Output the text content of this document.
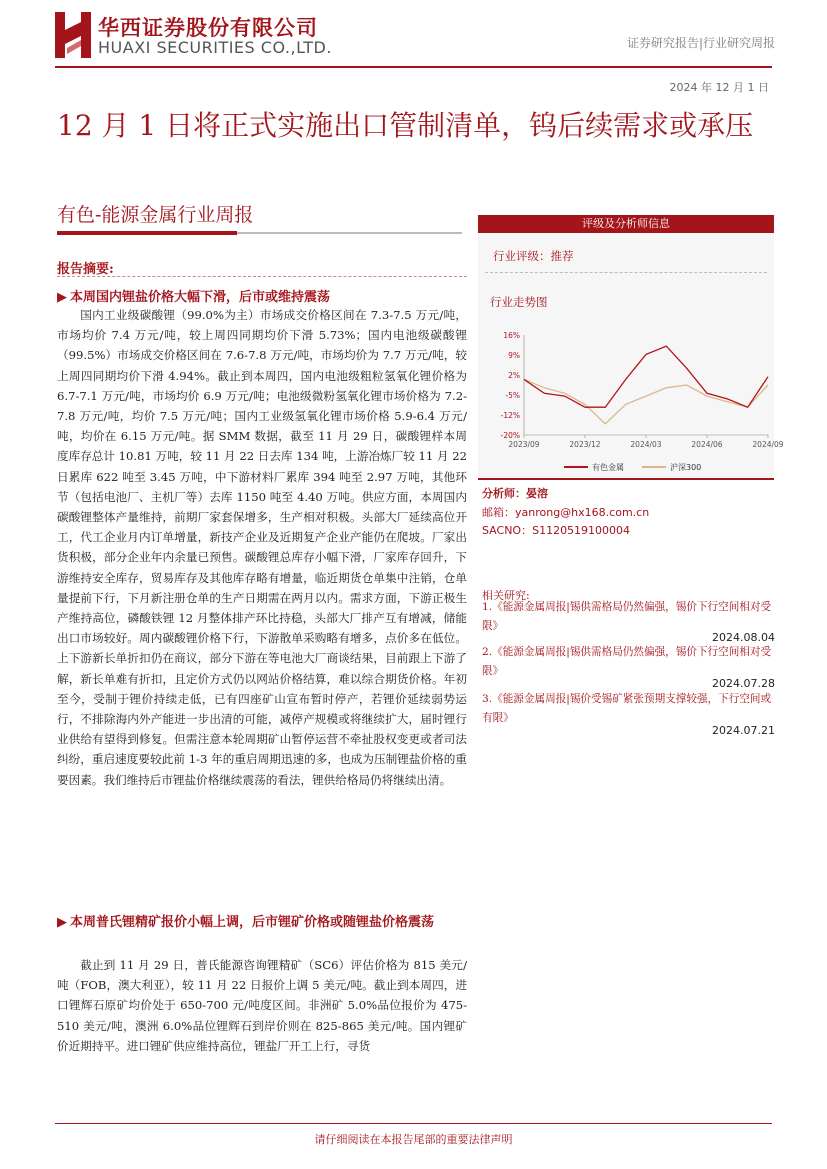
华西证券股份有限公司
HUAXI SECURITIES CO.,LTD.	证券研究报告|行业研究周报
2024 年 12 月 1 日
12 月 1 日将正式实施出口管制清单，钨后续需求或承压
有色-能源金属行业周报
报告摘要:
▶ 本周国内锂盐价格大幅下滑，后市或维持震荡
国内工业级碳酸锂（99.0%为主）市场成交价格区间在 7.3-7.5 万元/吨，市场均价 7.4 万元/吨，较上周四同期均价下滑 5.73%；国内电池级碳酸锂（99.5%）市场成交价格区间在 7.6-7.8 万元/吨，市场均价为 7.7 万元/吨，较上周四同期均价下滑 4.94%。截止到本周四，国内电池级粗粒氢氧化锂价格为 6.7-7.1 万元/吨，市场均价 6.9 万元/吨；电池级微粉氢氧化锂市场价格为 7.2-7.8 万元/吨，均价 7.5 万元/吨；国内工业级氢氧化锂市场价格 5.9-6.4 万元/吨，均价在 6.15 万元/吨。据 SMM 数据，截至 11 月 29 日，碳酸锂样本周度库存总计 10.81 万吨，较 11 月 22 日去库 134 吨，上游冶炼厂较 11 月 22 日累库 622 吨至 3.45 万吨，中下游材料厂累库 394 吨至 2.97 万吨，其他环节（包括电池厂、主机厂等）去库 1150 吨至 4.40 万吨。供应方面，本周国内碳酸锂整体产量维持，前期厂家套保增多，生产相对积极。头部大厂延续高位开工，代工企业月内订单增量，新技产企业及近期复产企业产能仍在爬坡。厂家出货积极，部分企业年内余量已预售。碳酸锂总库存小幅下滑，厂家库存回升，下游维持安全库存，贸易库存及其他库存略有增量，临近期货仓单集中注销，仓单量提前下行，下月新注册仓单的生产日期需在两月以内。需求方面，下游正极生产维持高位，磷酸铁锂 12 月整体排产环比持稳，头部大厂排产互有增减，储能出口市场较好。周内碳酸锂价格下行，下游散单采购略有增多，点价多在低位。上下游新长单折扣仍在商议，部分下游在等电池大厂商谈结果，目前跟上下游了解，新长单难有折扣，且定价方式仍以网站价格结算，难以综合期货价格。年初至今，受制于锂价持续走低，已有四座矿山宣布暂时停产，若锂价延续弱势运行，不排除海内外产能进一步出清的可能，减停产规模或将继续扩大，届时锂行业供给有望得到修复。但需注意本轮周期矿山暂停运营不牵扯股权变更或者司法纠纷，重启速度要较此前 1-3 年的重启周期迅速的多，也成为压制锂盐价格的重要因素。我们维持后市锂盐价格继续震荡的看法，锂供给格局仍将继续出清。
▶ 本周普氏锂精矿报价小幅上调，后市锂矿价格或随锂盐价格震荡
截止到 11 月 29 日，普氏能源咨询锂精矿（SC6）评估价格为 815 美元/吨（FOB，澳大利亚），较 11 月 22 日报价上调 5 美元/吨。截止到本周四，进口锂辉石原矿均价处于 650-700 元/吨度区间。非洲矿 5.0%品位报价为 475-510 美元/吨，澳洲 6.0%品位锂辉石到岸价则在 825-865 美元/吨。国内锂矿价近期持平。进口锂矿供应维持高位，锂盐厂开工上行，寻货
评级及分析师信息
行业评级：推荐
行业走势图
16%
9%
2%
-5%
-12%
-20%
2023/09	2023/12	2024/03	2024/06	2024/09
有色金属	沪深300
分析师：晏溶
邮箱：yanrong@hx168.com.cn
SACNO：S1120519100004
相关研究:
1.《能源金属周报|锡供需格局仍然偏强，锡价下行空间相对受限》
2024.08.04
2.《能源金属周报|锡供需格局仍然偏强，锡价下行空间相对受限》
2024.07.28
3.《能源金属周报|锡价受锡矿紧张预期支撑较强，下行空间或有限》
2024.07.21
请仔细阅读在本报告尾部的重要法律声明
